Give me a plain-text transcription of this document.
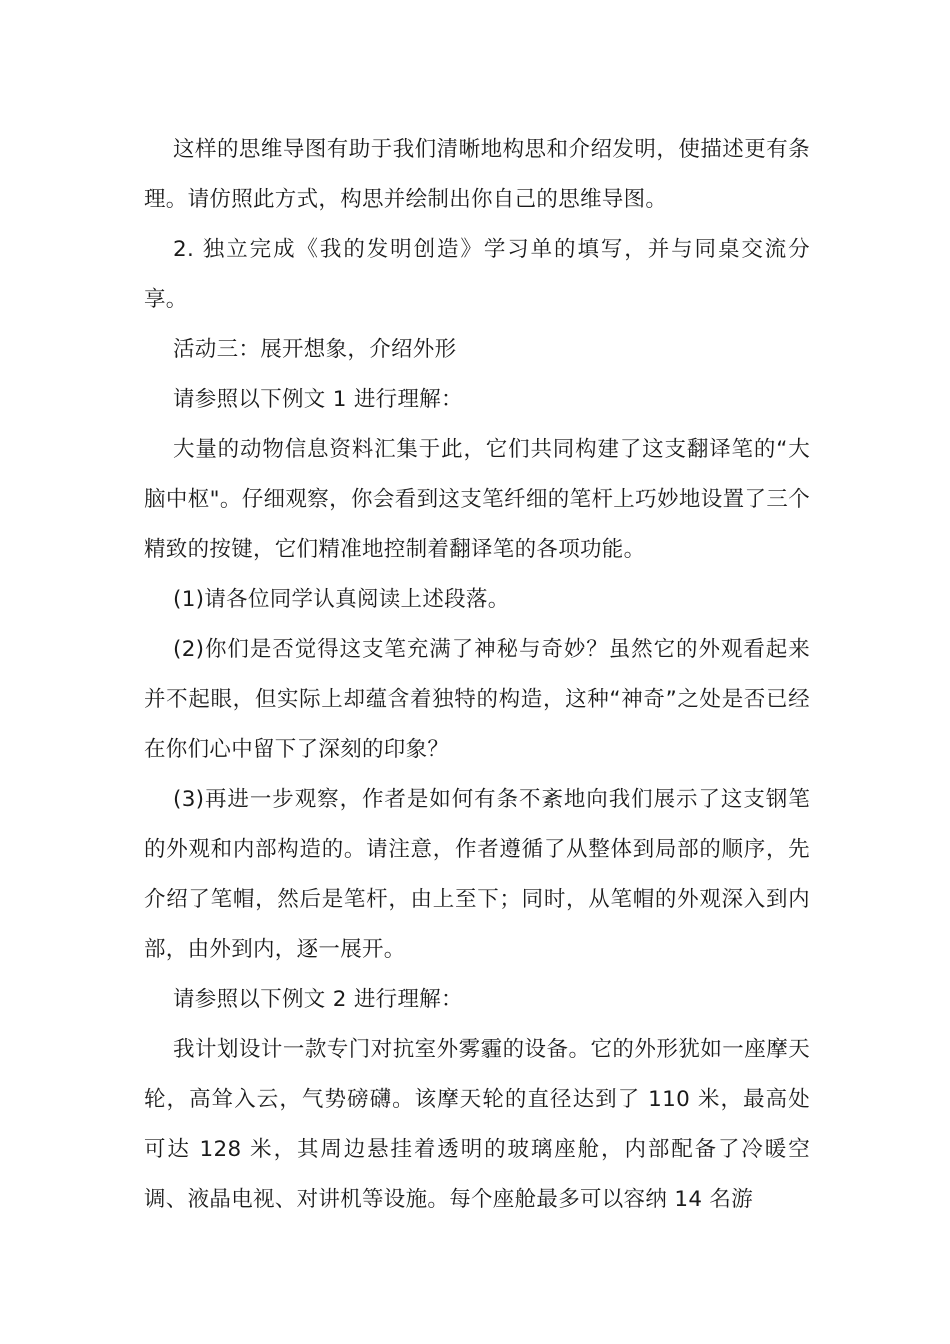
这样的思维导图有助于我们清晰地构思和介绍发明，使描述更有条理。请仿照此方式，构思并绘制出你自己的思维导图。

2. 独立完成《我的发明创造》学习单的填写，并与同桌交流分享。

活动三：展开想象，介绍外形

请参照以下例文 1 进行理解：

大量的动物信息资料汇集于此，它们共同构建了这支翻译笔的“大脑中枢"。仔细观察，你会看到这支笔纤细的笔杆上巧妙地设置了三个精致的按键，它们精准地控制着翻译笔的各项功能。

(1)请各位同学认真阅读上述段落。

(2)你们是否觉得这支笔充满了神秘与奇妙？虽然它的外观看起来并不起眼，但实际上却蕴含着独特的构造，这种“神奇”之处是否已经在你们心中留下了深刻的印象？

(3)再进一步观察，作者是如何有条不紊地向我们展示了这支钢笔的外观和内部构造的。请注意，作者遵循了从整体到局部的顺序，先介绍了笔帽，然后是笔杆，由上至下；同时，从笔帽的外观深入到内部，由外到内，逐一展开。

请参照以下例文 2 进行理解：

我计划设计一款专门对抗室外雾霾的设备。它的外形犹如一座摩天轮，高耸入云，气势磅礴。该摩天轮的直径达到了 110 米，最高处可达 128 米，其周边悬挂着透明的玻璃座舱，内部配备了冷暖空调、液晶电视、对讲机等设施。每个座舱最多可以容纳 14 名游
